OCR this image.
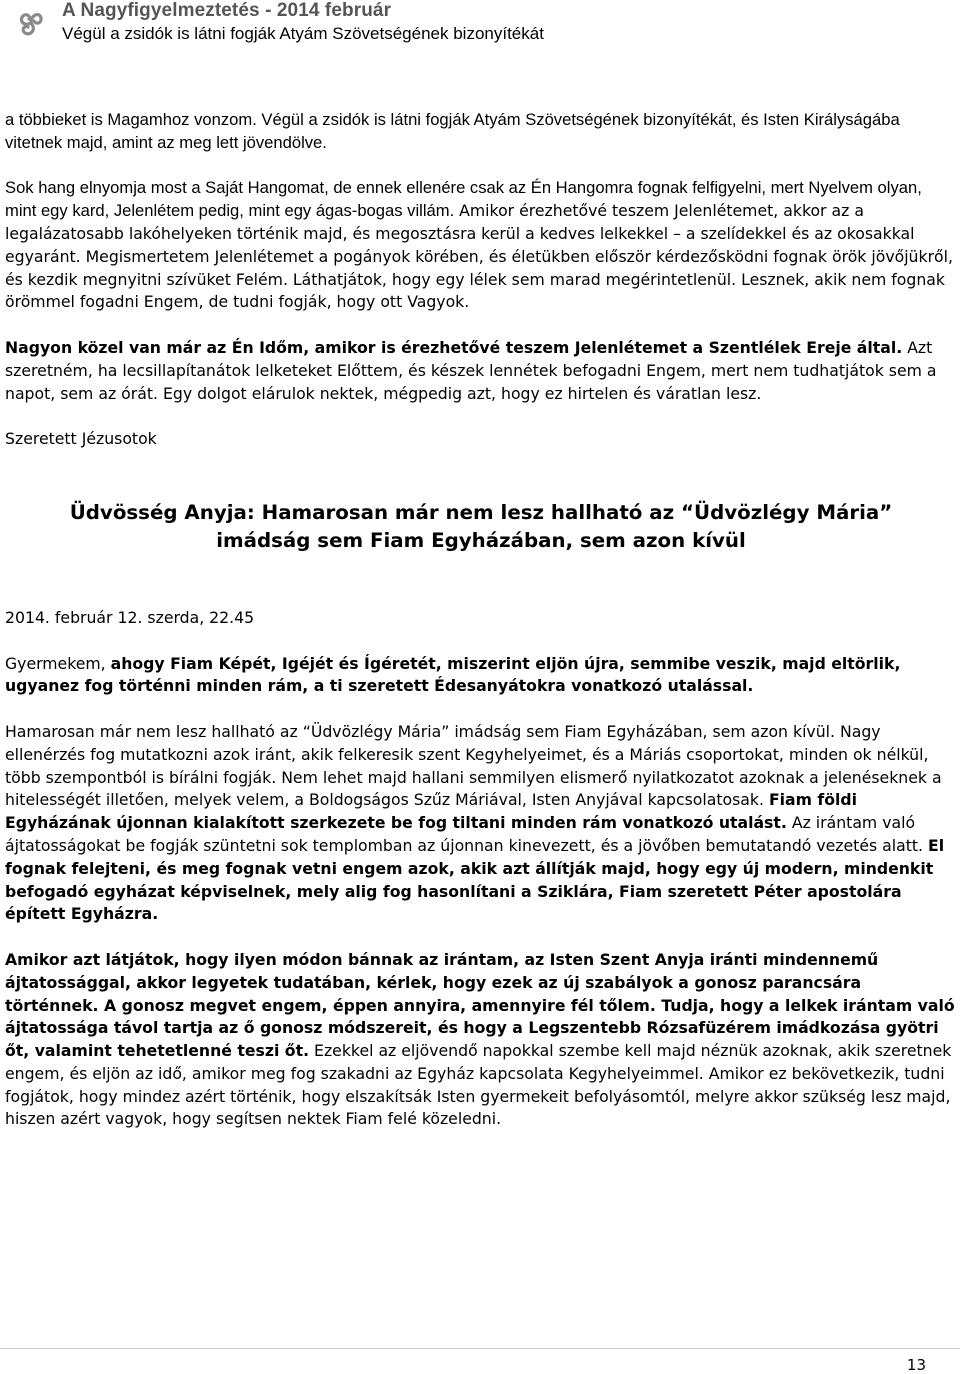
A Nagyfigyelmeztetés - 2014 február
Végül a zsidók is látni fogják Atyám Szövetségének bizonyítékát

a többieket is Magamhoz vonzom. Végül a zsidók is látni fogják Atyám Szövetségének bizonyítékát, és Isten Királyságába vitetnek majd, amint az meg lett jövendölve.

Sok hang elnyomja most a Saját Hangomat, de ennek ellenére csak az Én Hangomra fognak felfigyelni, mert Nyelvem olyan, mint egy kard, Jelenlétem pedig, mint egy ágas-bogas villám. Amikor érezhetővé teszem Jelenlétemet, akkor az a legalázatosabb lakóhelyeken történik majd, és megosztásra kerül a kedves lelkekkel – a szelídekkel és az okosakkal egyaránt. Megismertetem Jelenlétemet a pogányok körében, és életükben először kérdezősködni fognak örök jövőjükről, és kezdik megnyitni szívüket Felém. Láthatjátok, hogy egy lélek sem marad megérintetlenül. Lesznek, akik nem fognak örömmel fogadni Engem, de tudni fogják, hogy ott Vagyok.

Nagyon közel van már az Én Időm, amikor is érezhetővé teszem Jelenlétemet a Szentlélek Ereje által. Azt szeretném, ha lecsillapítanátok lelketeket Előttem, és készek lennétek befogadni Engem, mert nem tudhatjátok sem a napot, sem az órát. Egy dolgot elárulok nektek, mégpedig azt, hogy ez hirtelen és váratlan lesz.

Szeretett Jézusotok

Üdvösség Anyja: Hamarosan már nem lesz hallható az “Üdvözlégy Mária”
imádság sem Fiam Egyházában, sem azon kívül

2014. február 12. szerda, 22.45

Gyermekem, ahogy Fiam Képét, Igéjét és Ígéretét, miszerint eljön újra, semmibe veszik, majd eltörlik, ugyanez fog történni minden rám, a ti szeretett Édesanyátokra vonatkozó utalással.

Hamarosan már nem lesz hallható az “Üdvözlégy Mária” imádság sem Fiam Egyházában, sem azon kívül. Nagy ellenérzés fog mutatkozni azok iránt, akik felkeresik szent Kegyhelyeimet, és a Máriás csoportokat, minden ok nélkül, több szempontból is bírálni fogják. Nem lehet majd hallani semmilyen elismerő nyilatkozatot azoknak a jelenéseknek a hitelességét illetően, melyek velem, a Boldogságos Szűz Máriával, Isten Anyjával kapcsolatosak. Fiam földi Egyházának újonnan kialakított szerkezete be fog tiltani minden rám vonatkozó utalást. Az irántam való ájtatosságokat be fogják szüntetni sok templomban az újonnan kinevezett, és a jövőben bemutatandó vezetés alatt. El fognak felejteni, és meg fognak vetni engem azok, akik azt állítják majd, hogy egy új modern, mindenkit befogadó egyházat képviselnek, mely alig fog hasonlítani a Sziklára, Fiam szeretett Péter apostolára épített Egyházra.

Amikor azt látjátok, hogy ilyen módon bánnak az irántam, az Isten Szent Anyja iránti mindennemű ájtatossággal, akkor legyetek tudatában, kérlek, hogy ezek az új szabályok a gonosz parancsára történnek. A gonosz megvet engem, éppen annyira, amennyire fél tőlem. Tudja, hogy a lelkek irántam való ájtatossága távol tartja az ő gonosz módszereit, és hogy a Legszentebb Rózsafüzérem imádkozása gyötri őt, valamint tehetetlenné teszi őt. Ezekkel az eljövendő napokkal szembe kell majd néznük azoknak, akik szeretnek engem, és eljön az idő, amikor meg fog szakadni az Egyház kapcsolata Kegyhelyeimmel. Amikor ez bekövetkezik, tudni fogjátok, hogy mindez azért történik, hogy elszakítsák Isten gyermekeit befolyásomtól, melyre akkor szükség lesz majd, hiszen azért vagyok, hogy segítsen nektek Fiam felé közeledni.

13
